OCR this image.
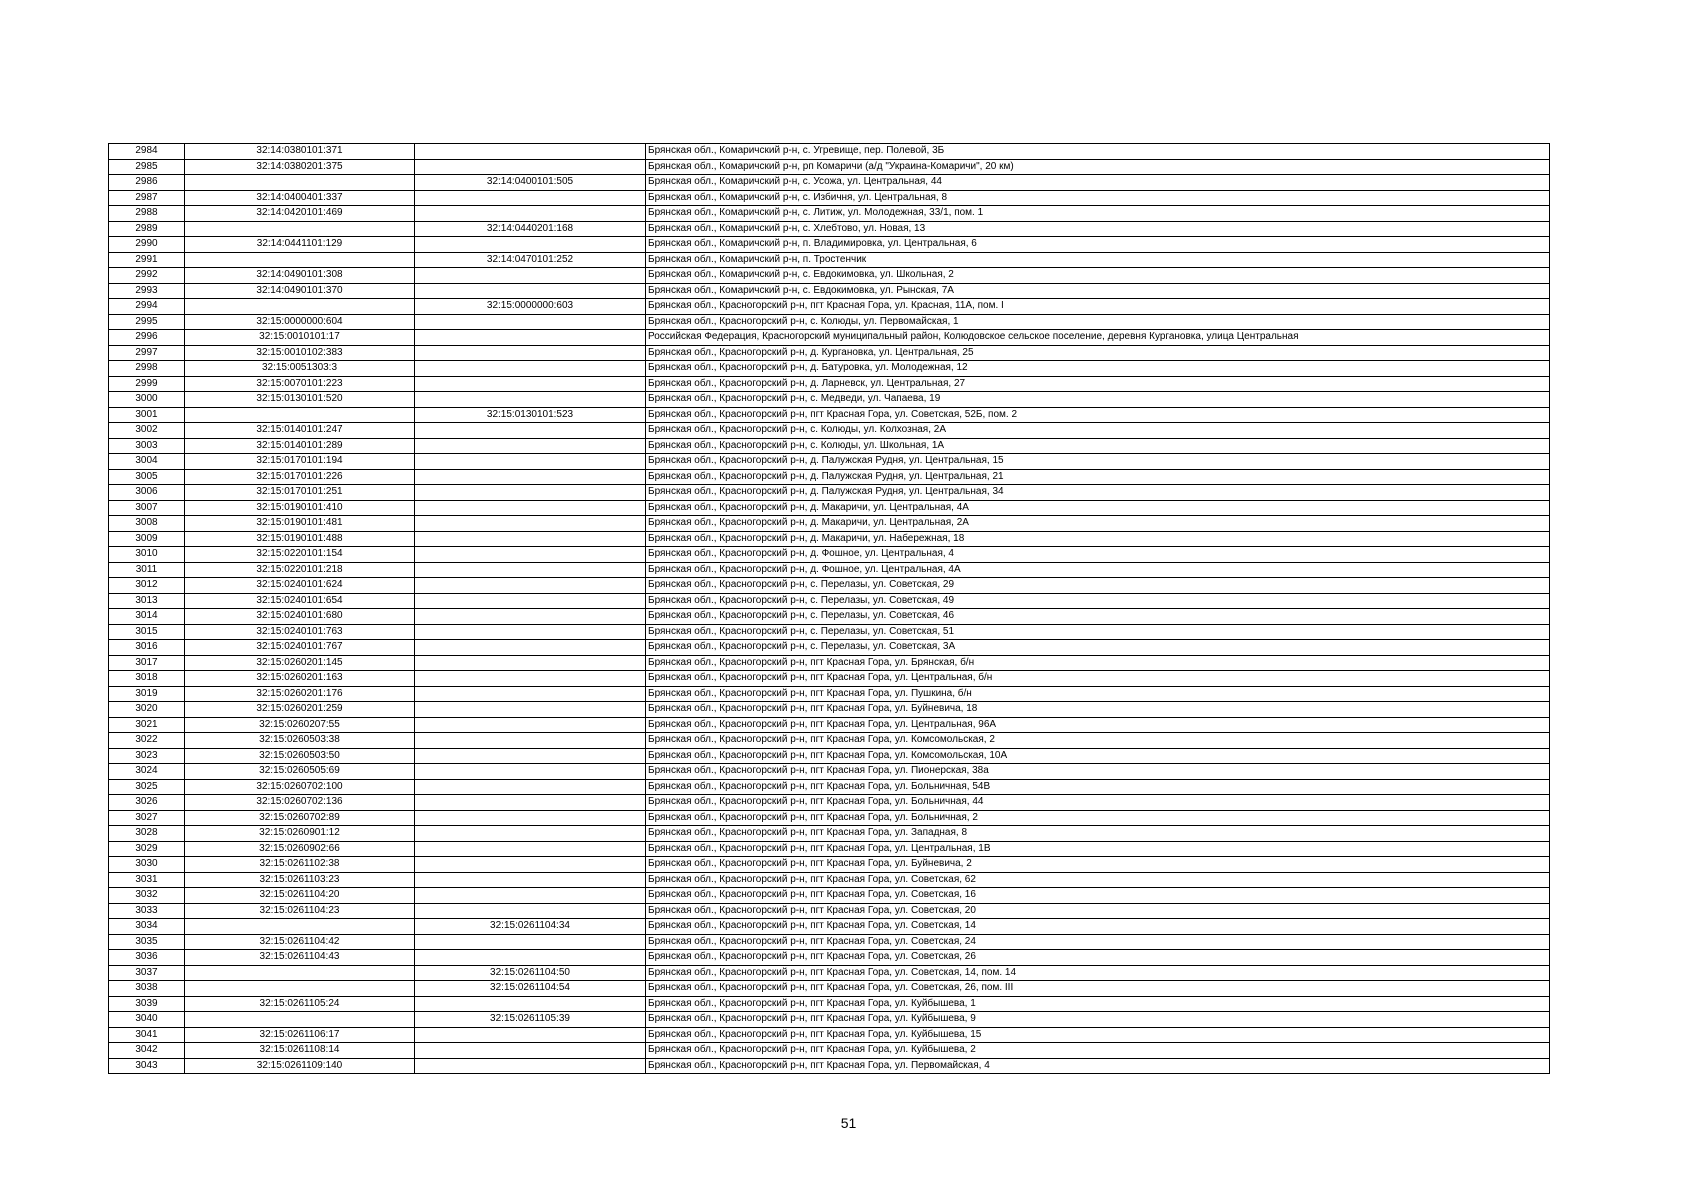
2984	32:14:0380101:371		Брянская обл., Комаричский р-н, с. Угревище, пер. Полевой, 3Б
2985	32:14:0380201:375		Брянская обл., Комаричский р-н, рп Комаричи (а/д "Украина-Комаричи", 20 км)
2986		32:14:0400101:505	Брянская обл., Комаричский р-н, с. Усожа, ул. Центральная, 44
2987	32:14:0400401:337		Брянская обл., Комаричский р-н, с. Избичня, ул. Центральная, 8
2988	32:14:0420101:469		Брянская обл., Комаричский р-н, с. Литиж, ул. Молодежная, 33/1, пом. 1
2989		32:14:0440201:168	Брянская обл., Комаричский р-н, с. Хлебтово, ул. Новая, 13
2990	32:14:0441101:129		Брянская обл., Комаричский р-н, п. Владимировка, ул. Центральная, 6
2991		32:14:0470101:252	Брянская обл., Комаричский р-н, п. Тростенчик
2992	32:14:0490101:308		Брянская обл., Комаричский р-н, с. Евдокимовка, ул. Школьная, 2
2993	32:14:0490101:370		Брянская обл., Комаричский р-н, с. Евдокимовка, ул. Рынская, 7А
2994		32:15:0000000:603	Брянская обл., Красногорский р-н, пгт Красная Гора, ул. Красная, 11А, пом. I
2995	32:15:0000000:604		Брянская обл., Красногорский р-н, с. Колюды, ул. Первомайская, 1
2996	32:15:0010101:17		Российская Федерация, Красногорский муниципальный район, Колюдовское сельское поселение, деревня Кургановка, улица Центральная
2997	32:15:0010102:383		Брянская обл., Красногорский р-н, д. Кургановка, ул. Центральная, 25
2998	32:15:0051303:3		Брянская обл., Красногорский р-н, д. Батуровка, ул. Молодежная, 12
2999	32:15:0070101:223		Брянская обл., Красногорский р-н, д. Ларневск, ул. Центральная, 27
3000	32:15:0130101:520		Брянская обл., Красногорский р-н, с. Медведи, ул. Чапаева, 19
3001		32:15:0130101:523	Брянская обл., Красногорский р-н, пгт Красная Гора, ул. Советская, 52Б, пом. 2
3002	32:15:0140101:247		Брянская обл., Красногорский р-н, с. Колюды, ул. Колхозная, 2А
3003	32:15:0140101:289		Брянская обл., Красногорский р-н, с. Колюды, ул. Школьная, 1А
3004	32:15:0170101:194		Брянская обл., Красногорский р-н, д. Палужская Рудня, ул. Центральная, 15
3005	32:15:0170101:226		Брянская обл., Красногорский р-н, д. Палужская Рудня, ул. Центральная, 21
3006	32:15:0170101:251		Брянская обл., Красногорский р-н, д. Палужская Рудня, ул. Центральная, 34
3007	32:15:0190101:410		Брянская обл., Красногорский р-н, д. Макаричи, ул. Центральная, 4А
3008	32:15:0190101:481		Брянская обл., Красногорский р-н, д. Макаричи, ул. Центральная, 2А
3009	32:15:0190101:488		Брянская обл., Красногорский р-н, д. Макаричи, ул. Набережная, 18
3010	32:15:0220101:154		Брянская обл., Красногорский р-н, д. Фошное, ул. Центральная, 4
3011	32:15:0220101:218		Брянская обл., Красногорский р-н, д. Фошное, ул. Центральная, 4А
3012	32:15:0240101:624		Брянская обл., Красногорский р-н, с. Перелазы, ул. Советская, 29
3013	32:15:0240101:654		Брянская обл., Красногорский р-н, с. Перелазы, ул. Советская, 49
3014	32:15:0240101:680		Брянская обл., Красногорский р-н, с. Перелазы, ул. Советская, 46
3015	32:15:0240101:763		Брянская обл., Красногорский р-н, с. Перелазы, ул. Советская, 51
3016	32:15:0240101:767		Брянская обл., Красногорский р-н, с. Перелазы, ул. Советская, 3А
3017	32:15:0260201:145		Брянская обл., Красногорский р-н, пгт Красная Гора, ул. Брянская, б/н
3018	32:15:0260201:163		Брянская обл., Красногорский р-н, пгт Красная Гора, ул. Центральная, б/н
3019	32:15:0260201:176		Брянская обл., Красногорский р-н, пгт Красная Гора, ул. Пушкина, б/н
3020	32:15:0260201:259		Брянская обл., Красногорский р-н, пгт Красная Гора, ул. Буйневича, 18
3021	32:15:0260207:55		Брянская обл., Красногорский р-н, пгт Красная Гора, ул. Центральная, 96А
3022	32:15:0260503:38		Брянская обл., Красногорский р-н, пгт Красная Гора, ул. Комсомольская, 2
3023	32:15:0260503:50		Брянская обл., Красногорский р-н, пгт Красная Гора, ул. Комсомольская, 10А
3024	32:15:0260505:69		Брянская обл., Красногорский р-н, пгт Красная Гора, ул. Пионерская, 38а
3025	32:15:0260702:100		Брянская обл., Красногорский р-н, пгт Красная Гора, ул. Больничная, 54В
3026	32:15:0260702:136		Брянская обл., Красногорский р-н, пгт Красная Гора, ул. Больничная, 44
3027	32:15:0260702:89		Брянская обл., Красногорский р-н, пгт Красная Гора, ул. Больничная, 2
3028	32:15:0260901:12		Брянская обл., Красногорский р-н, пгт Красная Гора, ул. Западная, 8
3029	32:15:0260902:66		Брянская обл., Красногорский р-н, пгт Красная Гора, ул. Центральная, 1В
3030	32:15:0261102:38		Брянская обл., Красногорский р-н, пгт Красная Гора, ул. Буйневича, 2
3031	32:15:0261103:23		Брянская обл., Красногорский р-н, пгт Красная Гора, ул. Советская, 62
3032	32:15:0261104:20		Брянская обл., Красногорский р-н, пгт Красная Гора, ул. Советская, 16
3033	32:15:0261104:23		Брянская обл., Красногорский р-н, пгт Красная Гора, ул. Советская, 20
3034		32:15:0261104:34	Брянская обл., Красногорский р-н, пгт Красная Гора, ул. Советская, 14
3035	32:15:0261104:42		Брянская обл., Красногорский р-н, пгт Красная Гора, ул. Советская, 24
3036	32:15:0261104:43		Брянская обл., Красногорский р-н, пгт Красная Гора, ул. Советская, 26
3037		32:15:0261104:50	Брянская обл., Красногорский р-н, пгт Красная Гора, ул. Советская, 14, пом. 14
3038		32:15:0261104:54	Брянская обл., Красногорский р-н, пгт Красная Гора, ул. Советская, 26, пом. III
3039	32:15:0261105:24		Брянская обл., Красногорский р-н, пгт Красная Гора, ул. Куйбышева, 1
3040		32:15:0261105:39	Брянская обл., Красногорский р-н, пгт Красная Гора, ул. Куйбышева, 9
3041	32:15:0261106:17		Брянская обл., Красногорский р-н, пгт Красная Гора, ул. Куйбышева, 15
3042	32:15:0261108:14		Брянская обл., Красногорский р-н, пгт Красная Гора, ул. Куйбышева, 2
3043	32:15:0261109:140		Брянская обл., Красногорский р-н, пгт Красная Гора, ул. Первомайская, 4
51
